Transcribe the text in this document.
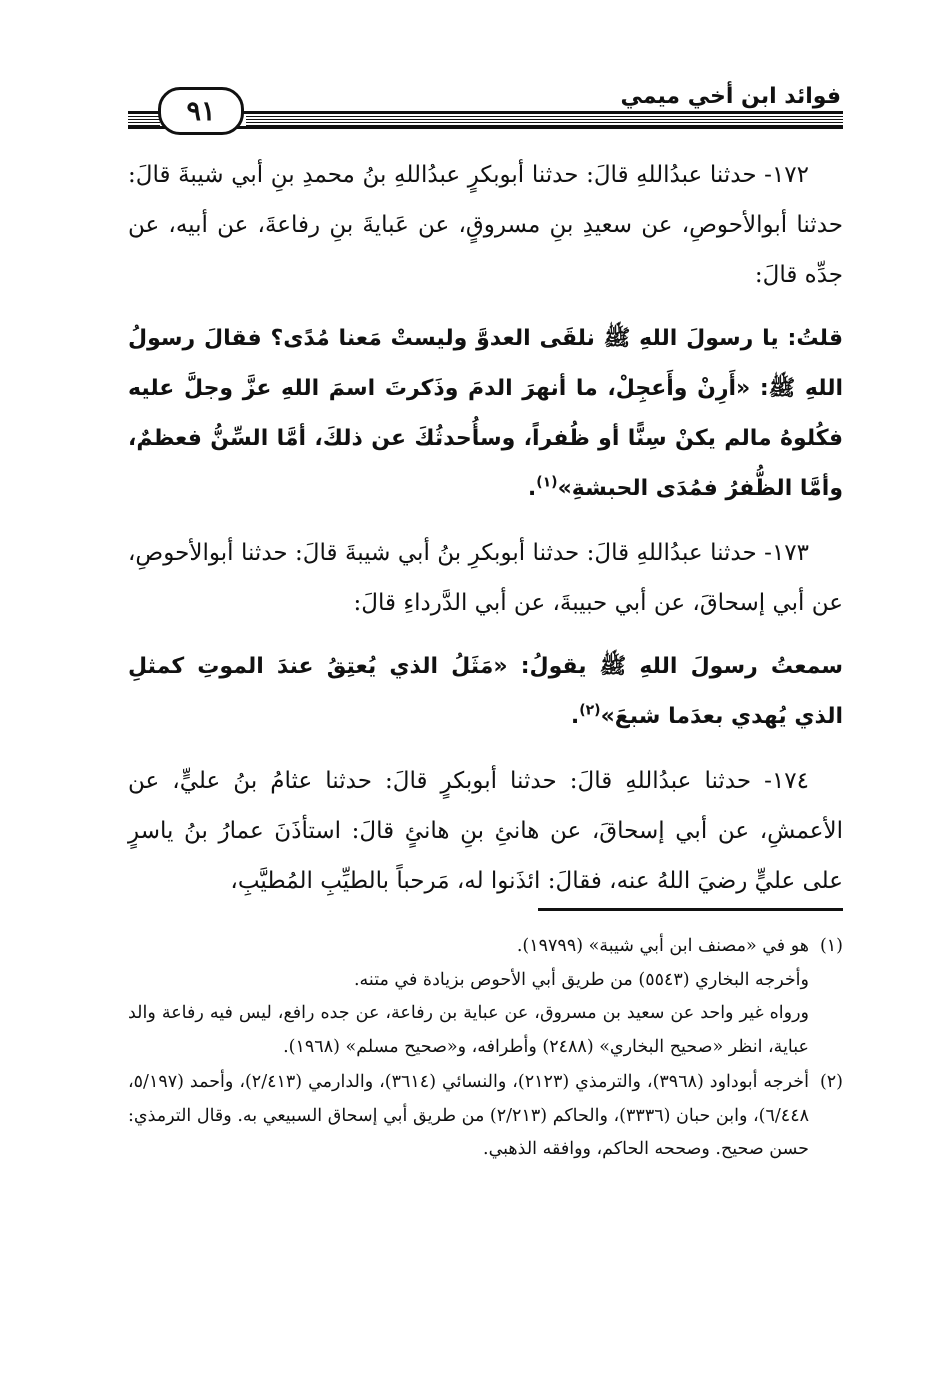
٩١	فوائد ابن أخي ميمي

١٧٢- حدثنا عبدُاللهِ قالَ: حدثنا أبوبكرٍ عبدُاللهِ بنُ محمدِ بنِ أبي شيبةَ قالَ: حدثنا أبوالأحوصِ، عن سعيدِ بنِ مسروقٍ، عن عَبايةَ بنِ رفاعةَ، عن أبيه، عن جدِّه قالَ:

قلتُ: يا رسولَ اللهِ ﷺ نلقَى العدوَّ وليستْ مَعنا مُدًى؟ فقالَ رسولُ اللهِ ﷺ: «أَرِنْ وأَعجِلْ، ما أنهرَ الدمَ وذَكرتَ اسمَ اللهِ عزَّ وجلَّ عليه فكُلوهُ مالم يكنْ سِنًّا أو ظُفراً، وسأُحدثُكَ عن ذلكَ، أمَّا السِّنُّ فعظمٌ، وأمَّا الظُّفرُ فمُدَى الحبشةِ»$^{(١)}$.

١٧٣- حدثنا عبدُاللهِ قالَ: حدثنا أبوبكرِ بنُ أبي شيبةَ قالَ: حدثنا أبوالأحوصِ، عن أبي إسحاقَ، عن أبي حبيبةَ، عن أبي الدَّرداءِ قالَ:

سمعتُ رسولَ اللهِ ﷺ يقولُ: «مَثَلُ الذي يُعتِقُ عندَ الموتِ كمثلِ الذي يُهدي بعدَما شبعَ»$^{(٢)}$.

١٧٤- حدثنا عبدُاللهِ قالَ: حدثنا أبوبكرٍ قالَ: حدثنا عثامُ بنُ عليٍّ، عن الأعمشِ، عن أبي إسحاقَ، عن هانئِ بنِ هانئٍ قالَ: استأذَنَ عمارُ بنُ ياسرٍ على عليٍّ رضيَ اللهُ عنه، فقالَ: ائذَنوا له، مَرحباً بالطيِّبِ المُطيَّبِ،

(١)
هو في «مصنف ابن أبي شيبة» (١٩٧٩٩).
وأخرجه البخاري (٥٥٤٣) من طريق أبي الأحوص بزيادة في متنه.
ورواه غير واحد عن سعيد بن مسروق، عن عباية بن رفاعة، عن جده رافع، ليس فيه رفاعة والد عباية، انظر «صحيح البخاري» (٢٤٨٨) وأطرافه، و«صحيح مسلم» (١٩٦٨).
(٢)
أخرجه أبوداود (٣٩٦٨)، والترمذي (٢١٢٣)، والنسائي (٣٦١٤)، والدارمي (٢/٤١٣)، وأحمد (٥/١٩٧، ٦/٤٤٨)، وابن حبان (٣٣٣٦)، والحاكم (٢/٢١٣) من طريق أبي إسحاق السبيعي به. وقال الترمذي: حسن صحيح. وصححه الحاكم، ووافقه الذهبي.
